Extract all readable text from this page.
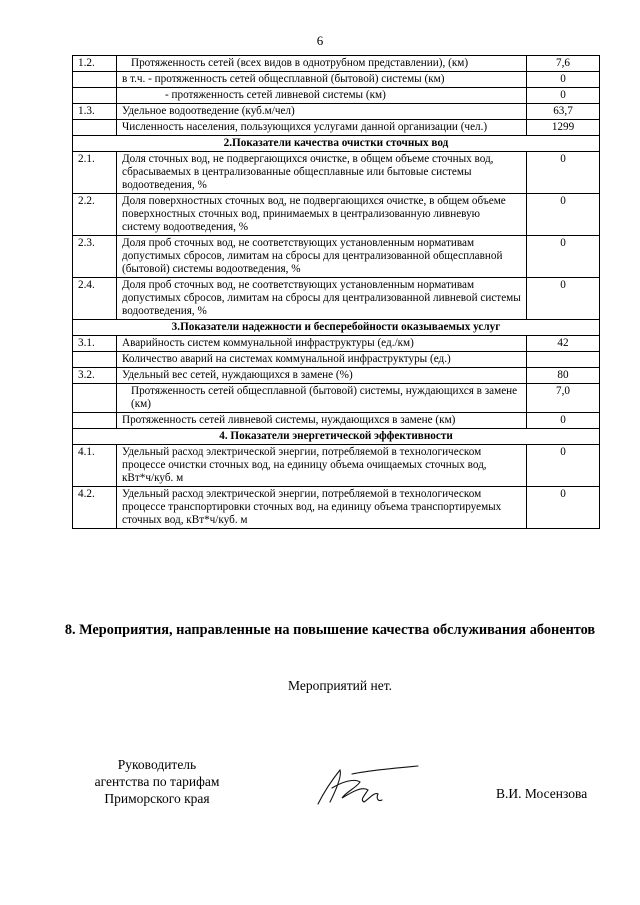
6
1.2.	Протяженность сетей (всех видов в однотрубном представлении), (км)	7,6
	в т.ч. - протяженность сетей общесплавной (бытовой) системы (км)	0
	- протяженность сетей ливневой системы (км)	0
1.3.	Удельное водоотведение (куб.м/чел)	63,7
	Численность населения, пользующихся услугами данной организации (чел.)	1299
2.Показатели качества очистки сточных вод		
2.1.	Доля сточных вод, не подвергающихся очистке, в общем объеме сточных вод, сбрасываемых в централизованные общесплавные или бытовые системы водоотведения, %	0
2.2.	Доля поверхностных сточных вод, не подвергающихся очистке, в общем объеме поверхностных сточных вод, принимаемых в централизованную ливневую систему водоотведения, %	0
2.3.	Доля проб сточных вод, не соответствующих установленным нормативам допустимых сбросов, лимитам на сбросы для централизованной общесплавной (бытовой) системы водоотведения, %	0
2.4.	Доля проб сточных вод, не соответствующих установленным нормативам допустимых сбросов, лимитам на сбросы для централизованной ливневой системы водоотведения, %	0
3.Показатели надежности и бесперебойности оказываемых услуг		
3.1.	Аварийность систем коммунальной инфраструктуры (ед./км)	42
	Количество аварий на системах коммунальной инфраструктуры (ед.)	
3.2.	Удельный вес сетей, нуждающихся в замене (%)	80
	Протяженность сетей общесплавной (бытовой) системы, нуждающихся в замене (км)	7,0
	Протяженность сетей ливневой системы, нуждающихся в замене (км)	0
4. Показатели энергетической эффективности		
4.1.	Удельный расход электрической энергии, потребляемой в технологическом процессе очистки сточных вод, на единицу объема очищаемых сточных вод, кВт*ч/куб. м	0
4.2.	Удельный расход электрической энергии, потребляемой в технологическом процессе транспортировки сточных вод, на единицу объема транспортируемых сточных вод, кВт*ч/куб. м	0
8. Мероприятия, направленные на повышение качества обслуживания абонентов
Мероприятий нет.
Руководитель
агентства по тарифам
Приморского края	В.И. Мосензова
